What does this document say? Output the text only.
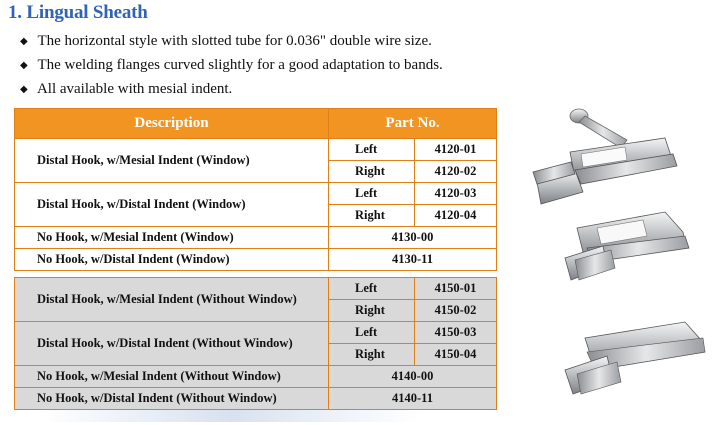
1. Lingual Sheath
◆ The horizontal style with slotted tube for 0.036" double wire size.
◆ The welding flanges curved slightly for a good adaptation to bands.
◆ All available with mesial indent.
Description	Part No.	
Distal Hook, w/Mesial Indent (Window)	Left	4120-01
	Right	4120-02
Distal Hook, w/Distal Indent (Window)	Left	4120-03
	Right	4120-04
No Hook, w/Mesial Indent (Window)	4130-00	
No Hook, w/Distal Indent (Window)	4130-11	

Distal Hook, w/Mesial Indent (Without Window)	Left	4150-01
	Right	4150-02
Distal Hook, w/Distal Indent (Without Window)	Left	4150-03
	Right	4150-04
No Hook, w/Mesial Indent (Without Window)	4140-00	
No Hook, w/Distal Indent (Without Window)	4140-11	
